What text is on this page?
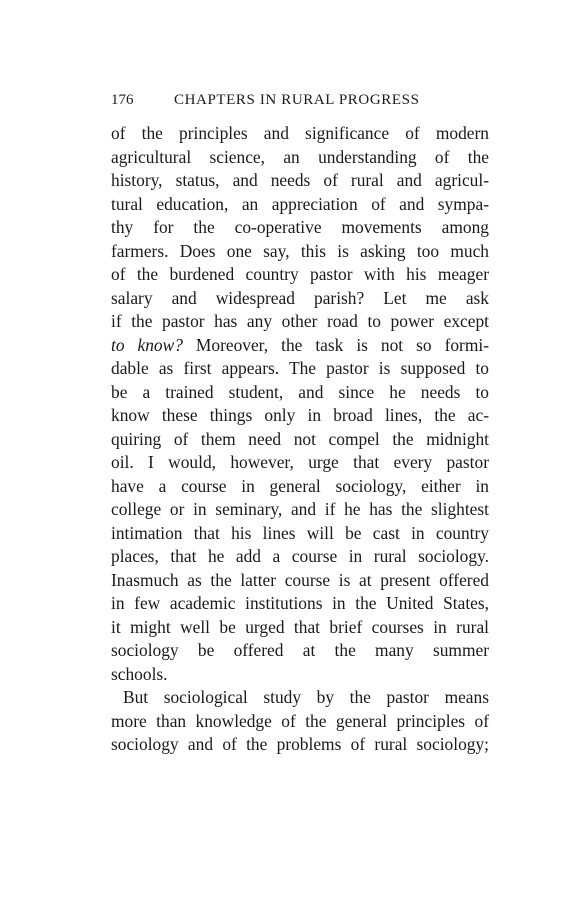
176	CHAPTERS IN RURAL PROGRESS
of the principles and significance of modern
agricultural science, an understanding of the
history, status, and needs of rural and agricul-
tural education, an appreciation of and sympa-
thy for the co-operative movements among
farmers. Does one say, this is asking too much
of the burdened country pastor with his meager
salary and widespread parish? Let me ask
if the pastor has any other road to power except
to know? Moreover, the task is not so formi-
dable as first appears. The pastor is supposed to
be a trained student, and since he needs to
know these things only in broad lines, the ac-
quiring of them need not compel the midnight
oil. I would, however, urge that every pastor
have a course in general sociology, either in
college or in seminary, and if he has the slightest
intimation that his lines will be cast in country
places, that he add a course in rural sociology.
Inasmuch as the latter course is at present offered
in few academic institutions in the United States,
it might well be urged that brief courses in rural
sociology be offered at the many summer
schools.
But sociological study by the pastor means
more than knowledge of the general principles of
sociology and of the problems of rural sociology;
